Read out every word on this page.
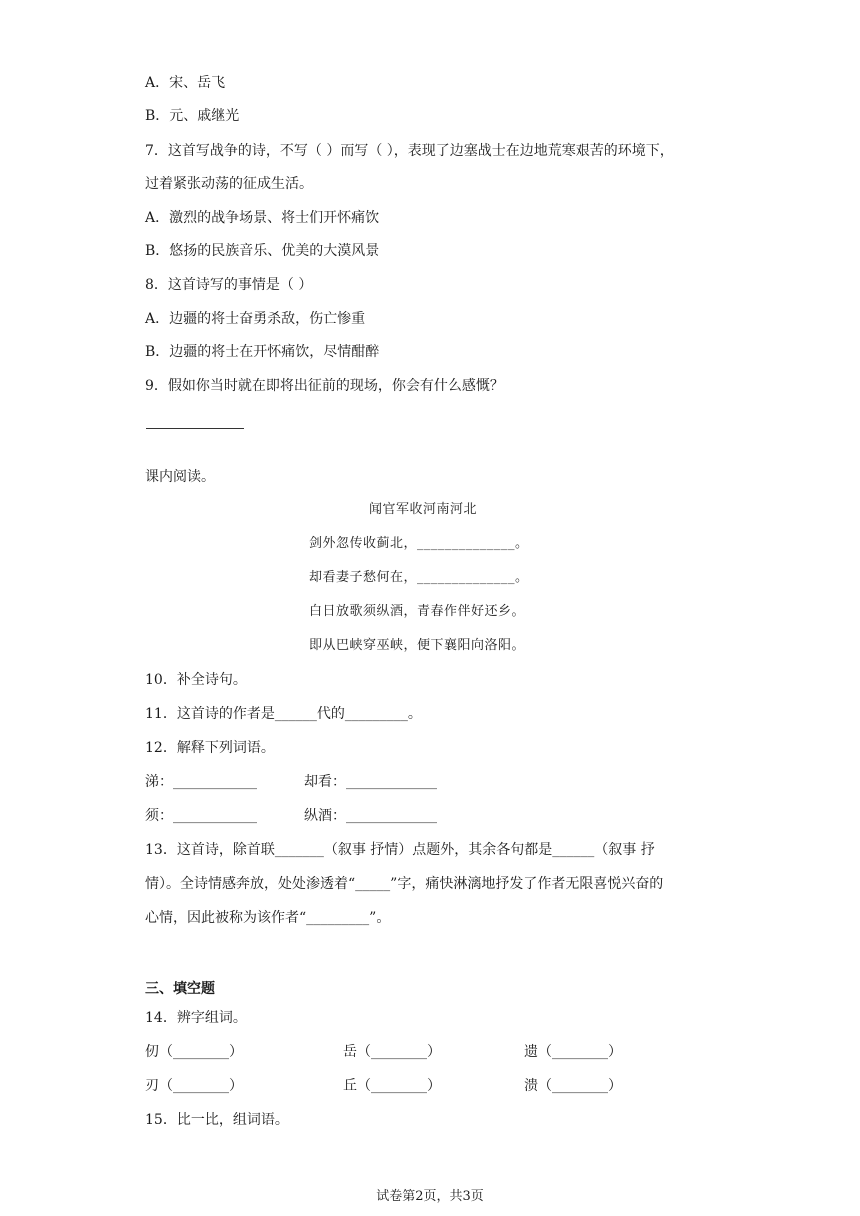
A．宋、岳飞
B．元、戚继光
7．这首写战争的诗，不写（ ）而写（ ），表现了边塞战士在边地荒寒艰苦的环境下，
过着紧张动荡的征成生活。
A．激烈的战争场景、将士们开怀痛饮
B．悠扬的民族音乐、优美的大漠风景
8．这首诗写的事情是（ ）
A．边疆的将士奋勇杀敌，伤亡惨重
B．边疆的将士在开怀痛饮，尽情酣醉
9．假如你当时就在即将出征前的现场，你会有什么感慨？
课内阅读。
闻官军收河南河北
剑外忽传收蓟北，______________。
却看妻子愁何在，______________。
白日放歌须纵酒，青春作伴好还乡。
即从巴峡穿巫峡，便下襄阳向洛阳。
10．补全诗句。
11．这首诗的作者是______代的_________。
12．解释下列词语。
涕：____________	却看：_____________
须：____________	纵酒：_____________
13．这首诗，除首联_______（叙事 抒情）点题外，其余各句都是______（叙事 抒
情）。全诗情感奔放，处处渗透着“_____”字，痛快淋漓地抒发了作者无限喜悦兴奋的
心情，因此被称为该作者“_________”。
三、填空题
14．辨字组词。
仞（________）	岳（________）	遗（________）
刃（________）	丘（________）	溃（________）
15．比一比，组词语。
试卷第2页，共3页
